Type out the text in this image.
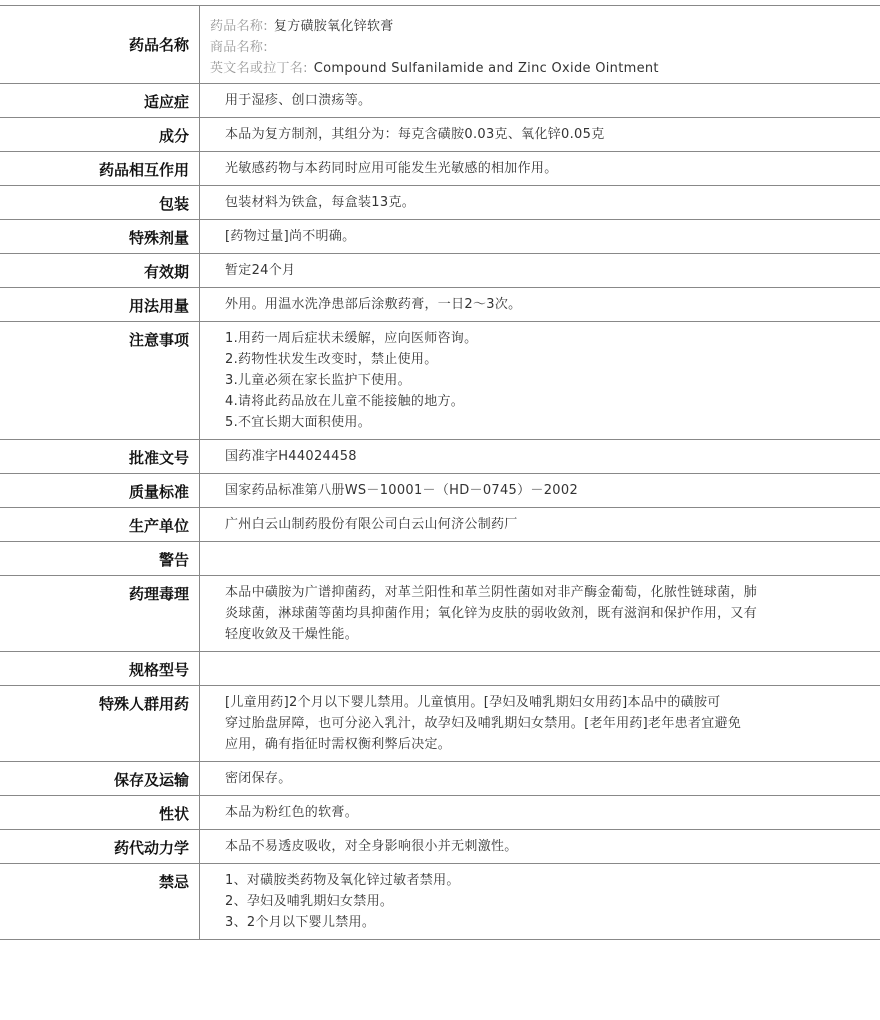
药品名称
药品名称: 复方磺胺氧化锌软膏
商品名称:
英文名或拉丁名: Compound Sulfanilamide and Zinc Oxide Ointment
适应症	用于湿疹、创口溃疡等。
成分	本品为复方制剂，其组分为：每克含磺胺0.03克、氧化锌0.05克
药品相互作用	光敏感药物与本药同时应用可能发生光敏感的相加作用。
包装	包装材料为铁盒，每盒装13克。
特殊剂量	[药物过量]尚不明确。
有效期	暂定24个月
用法用量	外用。用温水洗净患部后涂敷药膏，一日2～3次。
注意事项	1.用药一周后症状未缓解，应向医师咨询。
2.药物性状发生改变时，禁止使用。
3.儿童必须在家长监护下使用。
4.请将此药品放在儿童不能接触的地方。
5.不宜长期大面积使用。
批准文号	国药准字H44024458
质量标准	国家药品标准第八册WS－10001－（HD－0745）－2002
生产单位	广州白云山制药股份有限公司白云山何济公制药厂
警告
药理毒理	本品中磺胺为广谱抑菌药，对革兰阳性和革兰阴性菌如对非产酶金葡萄，化脓性链球菌，肺
炎球菌，淋球菌等菌均具抑菌作用；氧化锌为皮肤的弱收敛剂，既有滋润和保护作用，又有
轻度收敛及干燥性能。
规格型号
特殊人群用药	[儿童用药]2个月以下婴儿禁用。儿童慎用。[孕妇及哺乳期妇女用药]本品中的磺胺可
穿过胎盘屏障，也可分泌入乳汁，故孕妇及哺乳期妇女禁用。[老年用药]老年患者宜避免
应用，确有指征时需权衡利弊后决定。
保存及运输	密闭保存。
性状	本品为粉红色的软膏。
药代动力学	本品不易透皮吸收，对全身影响很小并无刺激性。
禁忌	1、对磺胺类药物及氧化锌过敏者禁用。
2、孕妇及哺乳期妇女禁用。
3、2个月以下婴儿禁用。
